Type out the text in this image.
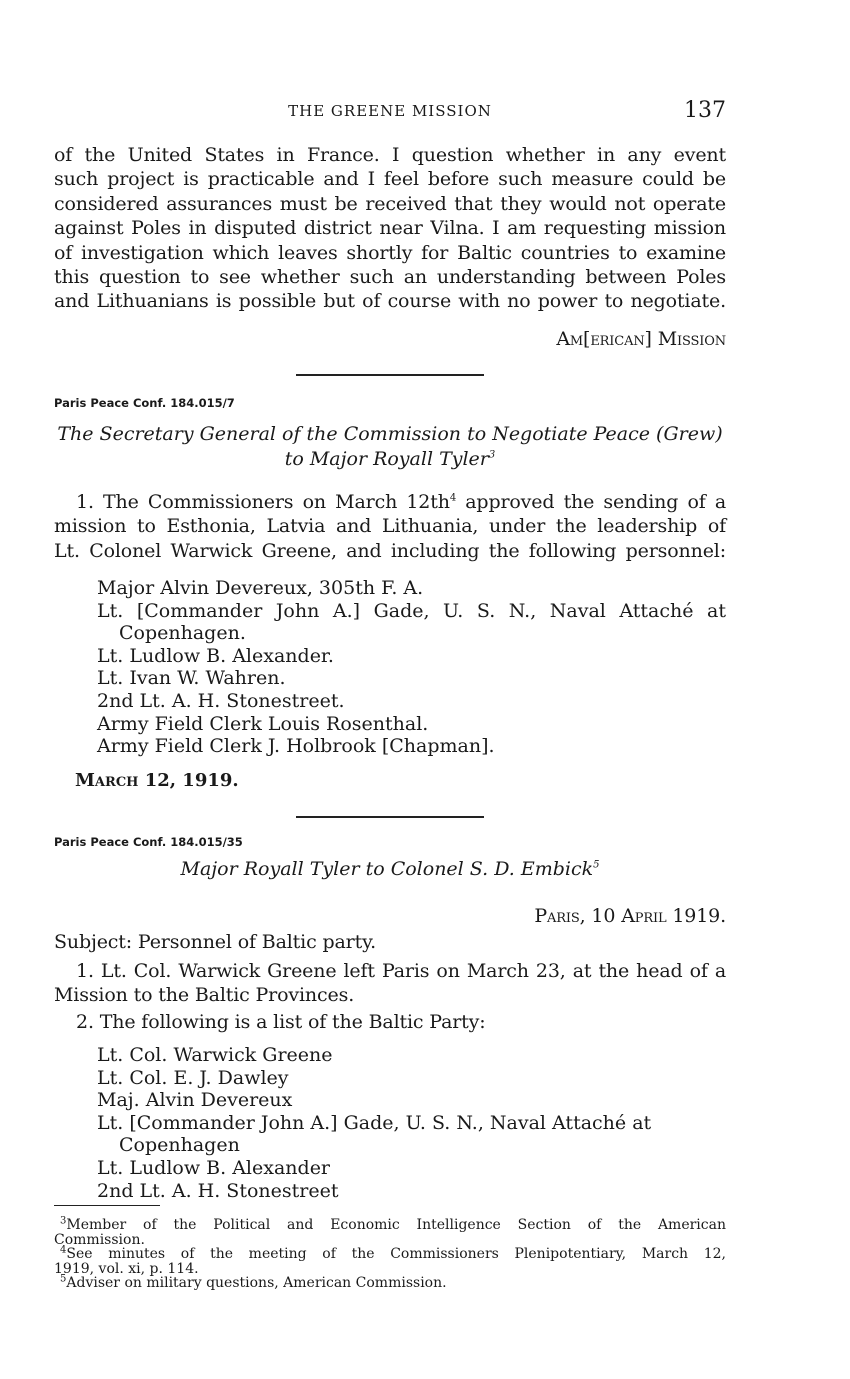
THE GREENE MISSION	137
of the United States in France. I question whether in any event
such project is practicable and I feel before such measure could be
considered assurances must be received that they would not operate
against Poles in disputed district near Vilna. I am requesting mission
of investigation which leaves shortly for Baltic countries to examine
this question to see whether such an understanding between Poles
and Lithuanians is possible but of course with no power to negotiate.
Am[erican] Mission
Paris Peace Conf. 184.015/7
The Secretary General of the Commission to Negotiate Peace (Grew)
to Major Royall Tyler$^3$
1. The Commissioners on March $12th^4$ approved the sending of a
mission to Esthonia, Latvia and Lithuania, under the leadership of
Lt. Colonel Warwick Greene, and including the following personnel:
Major Alvin Devereux, 305th F. A.
Lt. [Commander John A.] Gade, U. S. N., Naval Attaché at
Copenhagen.
Lt. Ludlow B. Alexander.
Lt. Ivan W. Wahren.
2nd Lt. A. H. Stonestreet.
Army Field Clerk Louis Rosenthal.
Army Field Clerk J. Holbrook [Chapman].
March 12, 1919.
Paris Peace Conf. 184.015/35
Major Royall Tyler to Colonel S. D. Embick$^5$
Paris, 10 April 1919.
Subject: Personnel of Baltic party.
1. Lt. Col. Warwick Greene left Paris on March 23, at the head of a
Mission to the Baltic Provinces.
2. The following is a list of the Baltic Party:
Lt. Col. Warwick Greene
Lt. Col. E. J. Dawley
Maj. Alvin Devereux
Lt. [Commander John A.] Gade, U. S. N., Naval Attaché at
Copenhagen
Lt. Ludlow B. Alexander
2nd Lt. A. H. Stonestreet
$^3$Member of the Political and Economic Intelligence Section of the American
Commission.
$^4$See minutes of the meeting of the Commissioners Plenipotentiary, March 12,
1919, vol. xi, p. 114.
$^5$Adviser on military questions, American Commission.
